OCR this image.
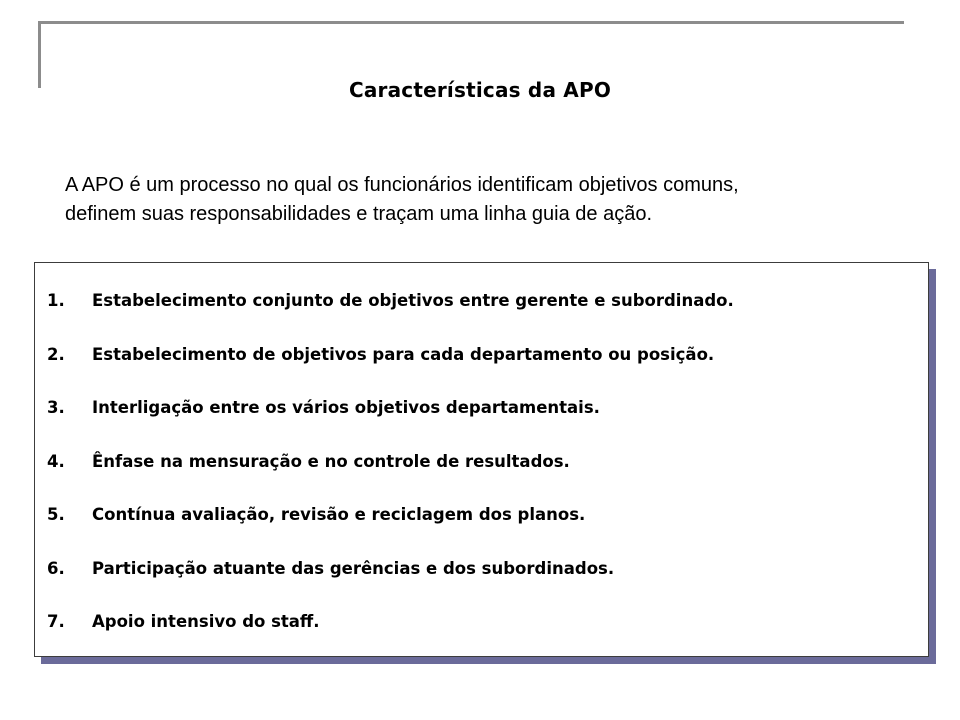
Características da APO
A APO é um processo no qual os funcionários identificam objetivos comuns,
definem suas responsabilidades e traçam uma linha guia de ação.
1.	Estabelecimento conjunto de objetivos entre gerente e subordinado.
2.	Estabelecimento de objetivos para cada departamento ou posição.
3.	Interligação entre os vários objetivos departamentais.
4.	Ênfase na mensuração e no controle de resultados.
5.	Contínua avaliação, revisão e reciclagem dos planos.
6.	Participação atuante das gerências e dos subordinados.
7.	Apoio intensivo do staff.
